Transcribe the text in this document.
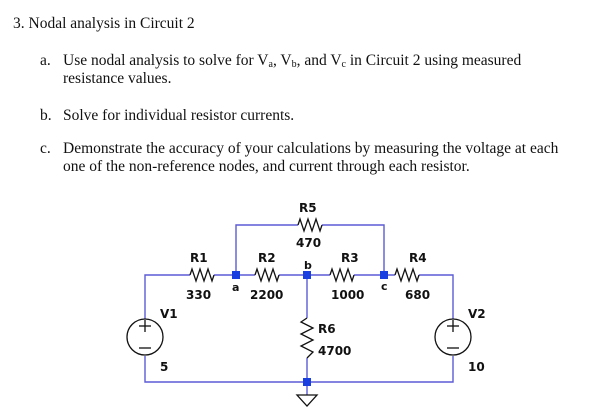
3. Nodal analysis in Circuit 2
a. Use nodal analysis to solve for $V_a$, $V_b$, and $V_c$ in Circuit 2 using measured
resistance values.
b. Solve for individual resistor currents.
c. Demonstrate the accuracy of your calculations by measuring the voltage at each
one of the non-reference nodes, and current through each resistor.
R1
330
R2
2200
R3
1000
R4
680
R5
470
R6
4700
V1
5
V2
10
a
b
c
